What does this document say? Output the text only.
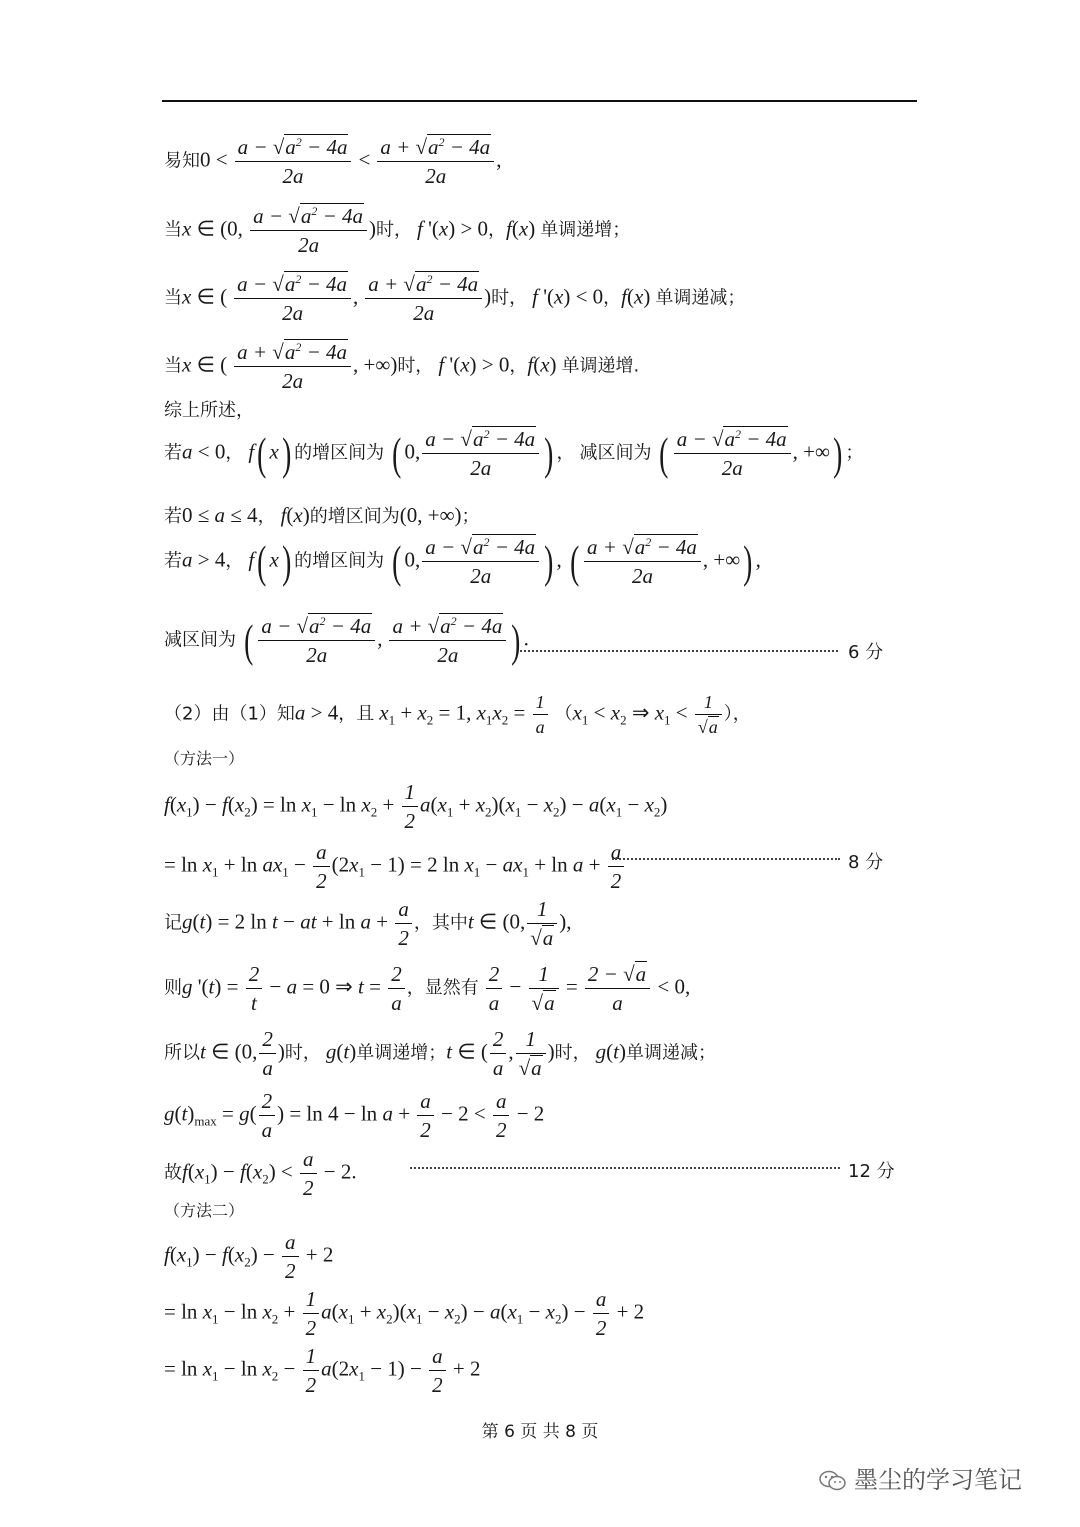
易知$0 < \frac{a - √a^2 - 4a}{2a} < \frac{a + √a^2 - 4a}{2a}$ ,
当x ∈ (0, $\frac{a - √a^2 - 4a}{2a}$ )时， f '(x) > 0，f(x) 单调递增；
当x ∈ ( $\frac{a - √a^2 - 4a}{2a}$ , $\frac{a + √a^2 - 4a}{2a}$ )时， f '(x) < 0，f(x) 单调递减；
当x ∈ ( $\frac{a + √a^2 - 4a}{2a}$ , +∞)时， f '(x) > 0，f(x) 单调递增.
综上所述，
若a < 0， f( x) 的增区间为 ( 0, $\frac{a - √a^2 - 4a}{2a}$ ) ， 减区间为 ( $\frac{a - √a^2 - 4a}{2a}$ , +∞) ；
若0 ≤ a ≤ 4， f(x)的增区间为(0, +∞)；
若a > 4， f( x) 的增区间为 ( 0, $\frac{a - √a^2 - 4a}{2a}$ ) , ( $\frac{a + √a^2 - 4a}{2a}$ , +∞) ,
减区间为 ( $\frac{a - √a^2 - 4a}{2a}$ , $\frac{a + √a^2 - 4a}{2a}$ ) .
6 分
（2）由（1）知a > 4，且 $x_1 + x_2 = 1$, $x_1x_2 = \frac{1}{a} (x_1 < x_2$ ⇒ $x_1 < \frac{1}{√a}$ ），
（方法一）
$f(x_1) - f(x_2) = \ln x_1 - \ln x_2 + \frac{1}{2} a(x_1 + x_2)(x_1 - x_2) - a(x_1 - x_2)$
= $\ln x_1 + \ln ax_1 - \frac{a}{2} (2x_1 - 1) = 2$ $\ln x_1 - ax_1 + \ln a + \frac{a}{2}$	8 分
记g(t) = 2 ln t − at + $\ln a + \frac{a}{2}$ ，其中t ∈ (0, $\frac{1}{√a}$ ),
则g '$(t) = \frac{2}{t} - a = 0$ ⇒ $t = \frac{2}{a}$ ，显然有 $\frac{2}{a} - \frac{1}{√a} = \frac{2 - √a}{a} < 0$,
所以t ∈ (0, $\frac{2}{a}$ )时， g(t)单调递增；t ∈ ( $\frac{2}{a}$ , $\frac{1}{√a}$ )时， g(t)单调递减；
$g(t)_{max} = g( \frac{2}{a}$ ) = $\ln 4 - \ln a + \frac{a}{2} - 2 < \frac{a}{2} - 2$
故$f(x_1) - f(x_2) < \frac{a}{2} - 2$.	12 分
（方法二）
$f(x_1) - f(x_2) - \frac{a}{2} + 2$
= $\ln x_1 - \ln x_2 + \frac{1}{2} a(x_1 + x_2)(x_1 - x_2) - a(x_1 - x_2) - \frac{a}{2} + 2$
= $\ln x_1 - \ln x_2 - \frac{1}{2} a(2x_1 - 1) - \frac{a}{2} + 2$
第 6 页 共 8 页
墨尘的学习笔记
